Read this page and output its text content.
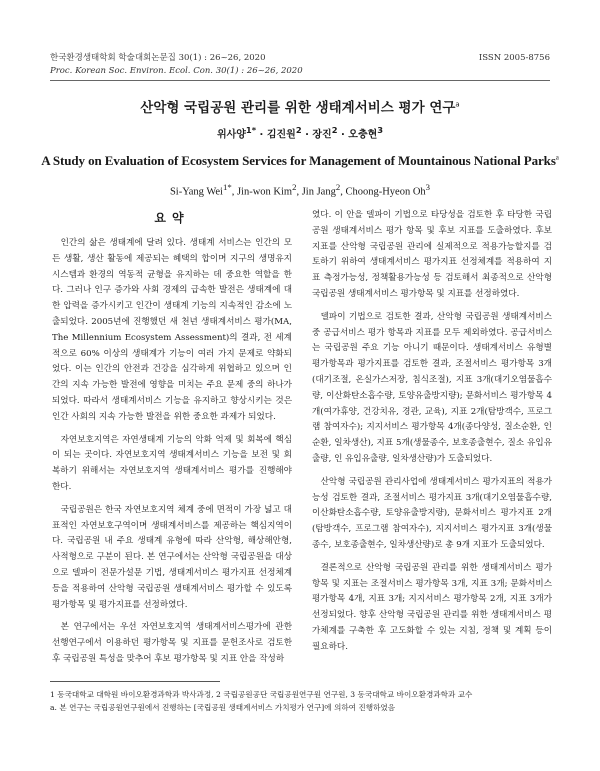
한국환경생태학회 학술대회논문집 30(1) : 26~26, 2020	ISSN 2005-8756
Proc. Korean Soc. Environ. Ecol. Con. 30(1) : 26~26, 2020
산악형 국립공원 관리를 위한 생태계서비스 평가 연구$^a$
위사양$^{1*}$ · 김진원$^2$ · 장진$^2$ · 오충현$^3$
A Study on Evaluation of Ecosystem Services for Management of Mountainous National Parks$^a$
Si-Yang Wei$^{1*}$, Jin-won Kim$^2$, Jin Jang$^2$, Choong-Hyeon Oh$^3$
요약

인간의 삶은 생태계에 달려 있다. 생태계 서비스는 인간의 모든 생활, 생산 활동에 제공되는 혜택의 합이며 지구의 생명유지 시스템과 환경의 역동적 균형을 유지하는 데 중요한 역할을 한다. 그러나 인구 증가와 사회 경제의 급속한 발전은 생태계에 대한 압력을 증가시키고 인간이 생태계 기능의 지속적인 감소에 노출되었다. 2005년에 진행했던 새 천년 생태계서비스 평가(MA, The Millennium Ecosystem Assessment)의 결과, 전 세계적으로 60% 이상의 생태계가 기능이 여러 가지 문제로 약화되었다. 이는 인간의 안전과 건강을 심각하게 위협하고 있으며 인간의 지속 가능한 발전에 영향을 미치는 주요 문제 중의 하나가 되었다. 따라서 생태계서비스 기능을 유지하고 향상시키는 것은 인간 사회의 지속 가능한 발전을 위한 중요한 과제가 되었다.

자연보호지역은 자연생태계 기능의 악화 억제 및 회복에 핵심이 되는 곳이다. 자연보호지역 생태계서비스 기능을 보전 및 회복하기 위해서는 자연보호지역 생태계서비스 평가를 진행해야 한다.

국립공원은 한국 자연보호지역 체계 중에 면적이 가장 넓고 대표적인 자연보호구역이며 생태계서비스를 제공하는 핵심지역이다. 국립공원 내 주요 생태계 유형에 따라 산악형, 해상해안형, 사적형으로 구분이 된다. 본 연구에서는 산악형 국립공원을 대상으로 델파이 전문가설문 기법, 생태계서비스 평가지표 선정체계 등을 적용하여 산악형 국립공원 생태계서비스 평가할 수 있도록 평가항목 및 평가지표를 선정하였다.

본 연구에서는 우선 자연보호지역 생태계서비스평가에 관한 선행연구에서 이용하던 평가항목 및 지표를 문헌조사로 검토한 후 국립공원 특성을 맞추어 후보 평가항목 및 지표 안을 작성하

였다. 이 안을 델파이 기법으로 타당성을 검토한 후 타당한 국립공원 생태계서비스 평가 항목 및 후보 지표를 도출하였다. 후보지표를 산악형 국립공원 관리에 실제적으로 적용가능할지를 검토하기 위하여 생태계서비스 평가지표 선정체계를 적용하여 지표 측정가능성, 정책활용가능성 등 검토해서 최종적으로 산악형 국립공원 생태계서비스 평가항목 및 지표를 선정하였다.

델파이 기법으로 검토한 결과, 산악형 국립공원 생태계서비스 중 공급서비스 평가 항목과 지표를 모두 제외하였다. 공급서비스는 국립공원 주요 기능 아니기 때문이다. 생태계서비스 유형별 평가항목과 평가지표를 검토한 결과, 조절서비스 평가항목 3개(대기조절, 온실가스저장, 침식조절), 지표 3개(대기오염물흡수량, 이산화탄소흡수량, 토양유출방지량); 문화서비스 평가항목 4개(여가휴양, 건강치유, 경관, 교육), 지표 2개(탐방객수, 프로그램 참여자수); 지지서비스 평가항목 4개(종다양성, 질소순환, 인 순환, 일차생산), 지표 5개(생물종수, 보호종출현수, 질소 유입유출량, 인 유입유출량, 일차생산량)가 도출되었다.

산악형 국립공원 관리사업에 생태계서비스 평가지표의 적용가능성 검토한 결과, 조절서비스 평가지표 3개(대기오염물흡수량, 이산화탄소흡수량, 토양유출방지량), 문화서비스 평가지표 2개(탐방객수, 프로그램 참여자수), 지지서비스 평가지표 3개(생물종수, 보호종출현수, 일차생산량)로 총 9개 지표가 도출되었다.

결론적으로 산악형 국립공원 관리를 위한 생태계서비스 평가항목 및 지표는 조절서비스 평가항목 3개, 지표 3개; 문화서비스 평가항목 4개, 지표 3개; 지지서비스 평가항목 2개, 지표 3개가 선정되었다. 향후 산악형 국립공원 관리를 위한 생태계서비스 평가체계를 구축한 후 고도화할 수 있는 지침, 정책 및 계획 등이 필요하다.

1 동국대학교 대학원 바이오환경과학과 박사과정, 2 국립공원공단 국립공원연구원 연구원, 3 동국대학교 바이오환경과학과 교수
a. 본 연구는 국립공원연구원에서 진행하는 [국립공원 생태계서비스 가치평가 연구]에 의하여 진행하였음
